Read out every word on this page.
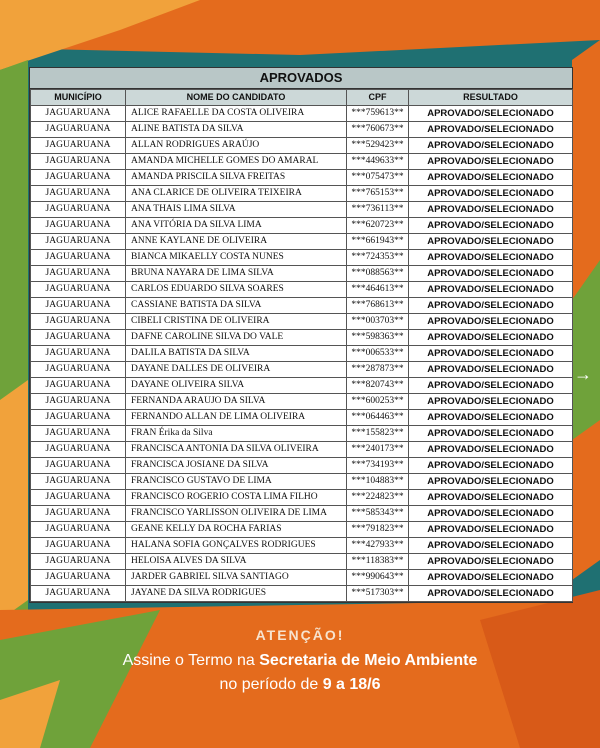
APROVADOS
MUNICÍPIO	NOME DO CANDIDATO	CPF	RESULTADO
JAGUARUANA	ALICE RAFAELLE DA COSTA OLIVEIRA	***759613**	APROVADO/SELECIONADO
JAGUARUANA	ALINE BATISTA DA SILVA	***760673**	APROVADO/SELECIONADO
JAGUARUANA	ALLAN RODRIGUES ARAÚJO	***529423**	APROVADO/SELECIONADO
JAGUARUANA	AMANDA MICHELLE GOMES DO AMARAL	***449633**	APROVADO/SELECIONADO
JAGUARUANA	AMANDA PRISCILA SILVA FREITAS	***075473**	APROVADO/SELECIONADO
JAGUARUANA	ANA CLARICE DE OLIVEIRA TEIXEIRA	***765153**	APROVADO/SELECIONADO
JAGUARUANA	ANA THAIS LIMA SILVA	***736113**	APROVADO/SELECIONADO
JAGUARUANA	ANA VITÓRIA DA SILVA LIMA	***620723**	APROVADO/SELECIONADO
JAGUARUANA	ANNE KAYLANE DE OLIVEIRA	***661943**	APROVADO/SELECIONADO
JAGUARUANA	BIANCA MIKAELLY COSTA NUNES	***724353**	APROVADO/SELECIONADO
JAGUARUANA	BRUNA NAYARA DE LIMA SILVA	***088563**	APROVADO/SELECIONADO
JAGUARUANA	CARLOS EDUARDO SILVA SOARES	***464613**	APROVADO/SELECIONADO
JAGUARUANA	CASSIANE BATISTA DA SILVA	***768613**	APROVADO/SELECIONADO
JAGUARUANA	CIBELI CRISTINA DE OLIVEIRA	***003703**	APROVADO/SELECIONADO
JAGUARUANA	DAFNE CAROLINE SILVA DO VALE	***598363**	APROVADO/SELECIONADO
JAGUARUANA	DALILA BATISTA DA SILVA	***006533**	APROVADO/SELECIONADO
JAGUARUANA	DAYANE DALLES DE OLIVEIRA	***287873**	APROVADO/SELECIONADO
JAGUARUANA	DAYANE OLIVEIRA SILVA	***820743**	APROVADO/SELECIONADO
JAGUARUANA	FERNANDA ARAUJO DA SILVA	***600253**	APROVADO/SELECIONADO
JAGUARUANA	FERNANDO ALLAN DE LIMA OLIVEIRA	***064463**	APROVADO/SELECIONADO
JAGUARUANA	FRAN Érika da Silva	***155823**	APROVADO/SELECIONADO
JAGUARUANA	FRANCISCA ANTONIA DA SILVA OLIVEIRA	***240173**	APROVADO/SELECIONADO
JAGUARUANA	FRANCISCA JOSIANE DA SILVA	***734193**	APROVADO/SELECIONADO
JAGUARUANA	FRANCISCO GUSTAVO DE LIMA	***104883**	APROVADO/SELECIONADO
JAGUARUANA	FRANCISCO ROGERIO COSTA LIMA FILHO	***224823**	APROVADO/SELECIONADO
JAGUARUANA	FRANCISCO YARLISSON OLIVEIRA DE LIMA	***585343**	APROVADO/SELECIONADO
JAGUARUANA	GEANE KELLY DA ROCHA FARIAS	***791823**	APROVADO/SELECIONADO
JAGUARUANA	HALANA SOFIA GONÇALVES RODRIGUES	***427933**	APROVADO/SELECIONADO
JAGUARUANA	HELOISA ALVES DA SILVA	***118383**	APROVADO/SELECIONADO
JAGUARUANA	JARDER GABRIEL SILVA SANTIAGO	***990643**	APROVADO/SELECIONADO
JAGUARUANA	JAYANE DA SILVA RODRIGUES	***517303**	APROVADO/SELECIONADO
→
ATENÇÃO!
Assine o Termo na Secretaria de Meio Ambiente
no período de 9 a 18/6
